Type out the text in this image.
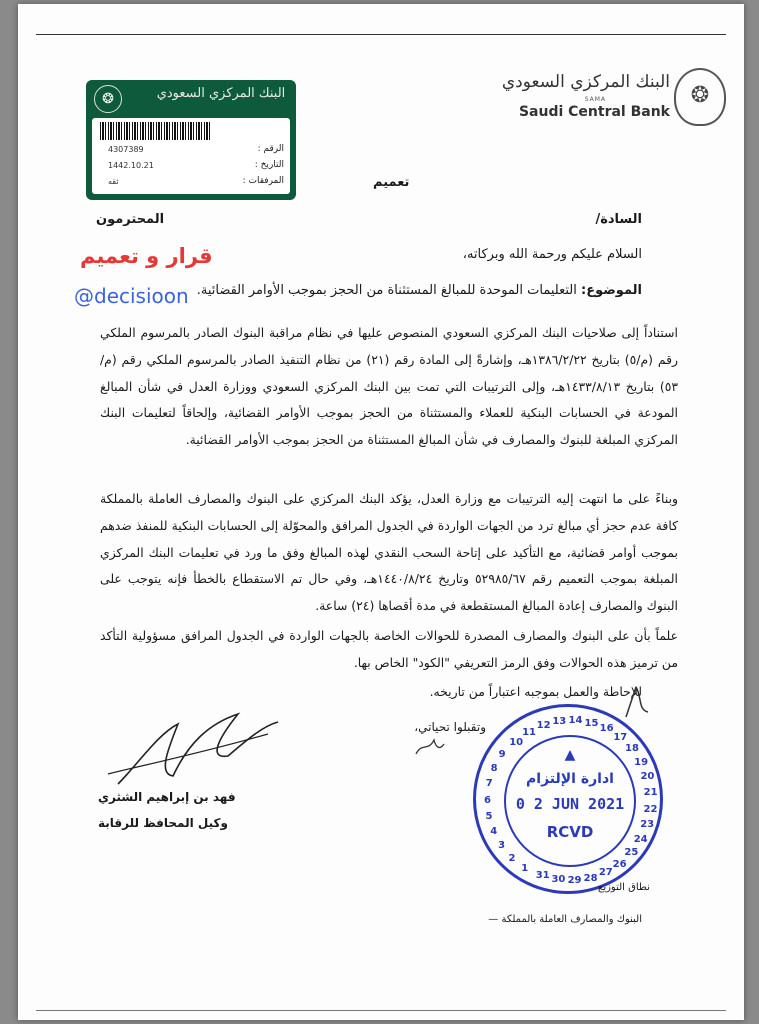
❂
البنك المركزي السعودي
SAMA
Saudi Central Bank
❂	البنك المركزي السعودي
الرقم :
4307389
التاريخ :
1442.10.21
المرفقات :
ثقه	تعميم
السادة/
المحترمون
السلام عليكم ورحمة الله وبركاته،
الموضوع: التعليمات الموحدة للمبالغ المستثناة من الحجز بموجب الأوامر القضائية.
قرار و تعميم
@decisioon
استناداً إلى صلاحيات البنك المركزي السعودي المنصوص عليها في نظام مراقبة البنوك الصادر بالمرسوم الملكي رقم (م/٥) بتاريخ ١٣٨٦/٢/٢٢هـ، وإشارةً إلى المادة رقم (٢١) من نظام التنفيذ الصادر بالمرسوم الملكي رقم (م/٥٣) بتاريخ ١٤٣٣/٨/١٣هـ، وإلى الترتيبات التي تمت بين البنك المركزي السعودي ووزارة العدل في شأن المبالغ المودعة في الحسابات البنكية للعملاء والمستثناة من الحجز بموجب الأوامر القضائية، وإلحاقاً لتعليمات البنك المركزي المبلغة للبنوك والمصارف في شأن المبالغ المستثناة من الحجز بموجب الأوامر القضائية.
وبناءً على ما انتهت إليه الترتيبات مع وزارة العدل، يؤكد البنك المركزي على البنوك والمصارف العاملة بالمملكة كافة عدم حجز أي مبالغ ترد من الجهات الواردة في الجدول المرافق والمحوّلة إلى الحسابات البنكية للمنفذ ضدهم بموجب أوامر قضائية، مع التأكيد على إتاحة السحب النقدي لهذه المبالغ وفق ما ورد في تعليمات البنك المركزي المبلغة بموجب التعميم رقم ٥٢٩٨٥/٦٧ وتاريخ ١٤٤٠/٨/٢٤هـ، وفي حال تم الاستقطاع بالخطأ فإنه يتوجب على البنوك والمصارف إعادة المبالغ المستقطعة في مدة أقصاها (٢٤) ساعة.
علماً بأن على البنوك والمصارف المصدرة للحوالات الخاصة بالجهات الواردة في الجدول المرافق مسؤولية التأكد من ترميز هذه الحوالات وفق الرمز التعريفي "الكود" الخاص بها.
للإحاطة والعمل بموجبه اعتباراً من تاريخه.
وتقبلوا تحياتي،
فهد بن إبراهيم الشثري
وكيل المحافظ للرقابة
12 13 14 15
16
17
18
19
20
21
22
23
24
25
26
27
28
29
30
31
1
2
3
4
5
6
7
8
9
10
11
▲
ادارة الإلتزام
0 2 JUN 2021
RCVD
نطاق التوزيع
البنوك والمصارف العاملة بالمملكة —
